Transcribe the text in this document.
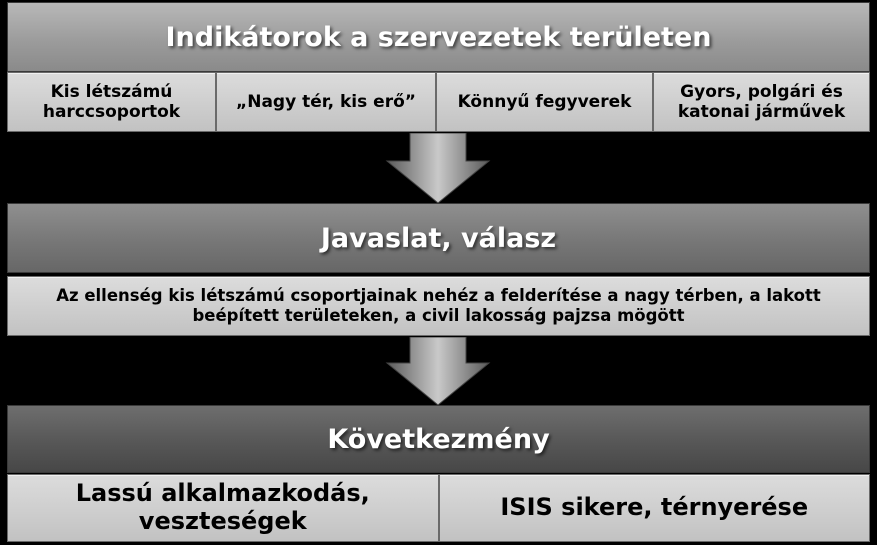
Indikátorok a szervezetek területen
Kis létszámú harccsoportok
„Nagy tér, kis erő”	Könnyű fegyverek
Gyors, polgári és katonai járművek
Javaslat, válasz
Az ellenség kis létszámú csoportjainak nehéz a felderítése a nagy térben, a lakott beépített területeken, a civil lakosság pajzsa mögött
Következmény
Lassú alkalmazkodás, veszteségek	ISIS sikere, térnyerése
